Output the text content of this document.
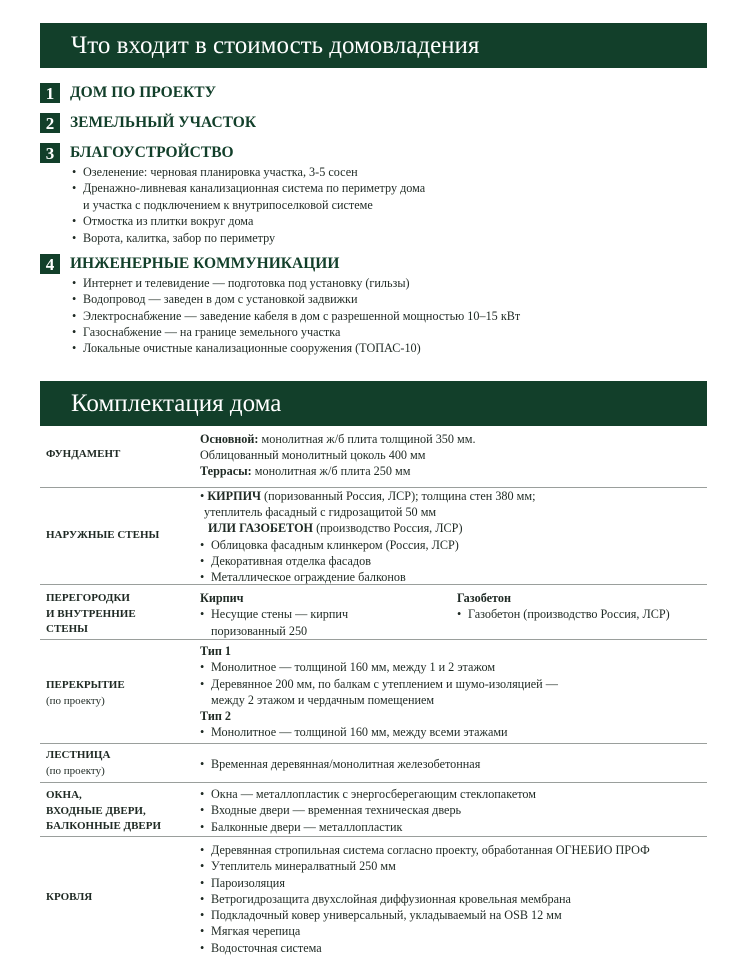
Что входит в стоимость домовладения
1 ДОМ ПО ПРОЕКТУ
2 ЗЕМЕЛЬНЫЙ УЧАСТОК
3 БЛАГОУСТРОЙСТВО
• Озеленение: черновая планировка участка, 3-5 сосен
• Дренажно-ливневая канализационная система по периметру дома
и участка с подключением к внутрипоселковой системе
• Отмостка из плитки вокруг дома
• Ворота, калитка, забор по периметру
4 ИНЖЕНЕРНЫЕ КОММУНИКАЦИИ
• Интернет и телевидение — подготовка под установку (гильзы)
• Водопровод — заведен в дом с установкой задвижки
• Электроснабжение — заведение кабеля в дом с разрешенной мощностью 10–15 кВт
• Газоснабжение — на границе земельного участка
• Локальные очистные канализационные сооружения (ТОПАС-10)
Комплектация дома
ФУНДАМЕНТ
Основной: монолитная ж/б плита толщиной 350 мм.
Облицованный монолитный цоколь 400 мм
Террасы: монолитная ж/б плита 250 мм
НАРУЖНЫЕ СТЕНЫ
• КИРПИЧ (поризованный Россия, ЛСР); толщина стен 380 мм;
утеплитель фасадный с гидрозащитой 50 мм
ИЛИ ГАЗОБЕТОН (производство Россия, ЛСР)
• Облицовка фасадным клинкером (Россия, ЛСР)
• Декоративная отделка фасадов
• Металлическое ограждение балконов
ПЕРЕГОРОДКИ
И ВНУТРЕННИЕ
СТЕНЫ
Кирпич
• Несущие стены — кирпич
поризованный 250
Газобетон
• Газобетон (производство Россия, ЛСР)
ПЕРЕКРЫТИЕ
(по проекту)
Тип 1
• Монолитное — толщиной 160 мм, между 1 и 2 этажом
• Деревянное 200 мм, по балкам с утеплением и шумо-изоляцией —
между 2 этажом и чердачным помещением
Тип 2
• Монолитное — толщиной 160 мм, между всеми этажами
ЛЕСТНИЦА
(по проекту)	• Временная деревянная/монолитная железобетонная
ОКНА,
ВХОДНЫЕ ДВЕРИ,
БАЛКОННЫЕ ДВЕРИ
• Окна — металлопластик с энергосберегающим стеклопакетом
• Входные двери — временная техническая дверь
• Балконные двери — металлопластик
КРОВЛЯ
• Деревянная стропильная система согласно проекту, обработанная ОГНЕБИО ПРОФ
• Утеплитель минералватный 250 мм
• Пароизоляция
• Ветрогидрозащита двухслойная диффузионная кровельная мембрана
• Подкладочный ковер универсальный, укладываемый на OSB 12 мм
• Мягкая черепица
• Водосточная система
